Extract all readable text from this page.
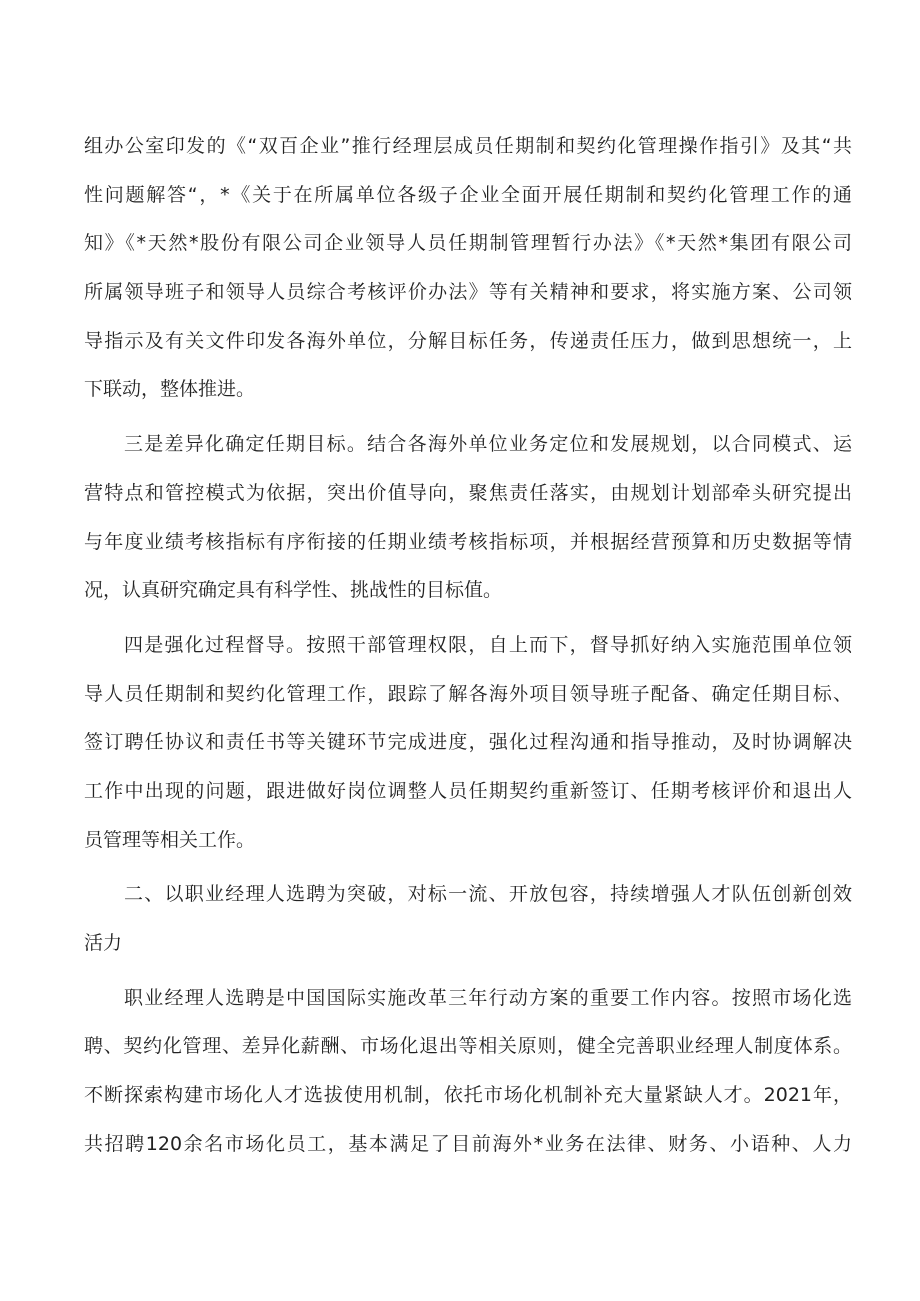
组办公室印发的《“双百企业”推行经理层成员任期制和契约化管理操作指引》及其“共
性问题解答“，*《关于在所属单位各级子企业全面开展任期制和契约化管理工作的通
知》《*天然*股份有限公司企业领导人员任期制管理暂行办法》《*天然*集团有限公司
所属领导班子和领导人员综合考核评价办法》等有关精神和要求，将实施方案、公司领
导指示及有关文件印发各海外单位，分解目标任务，传递责任压力，做到思想统一，上
下联动，整体推进。
三是差异化确定任期目标。结合各海外单位业务定位和发展规划，以合同模式、运
营特点和管控模式为依据，突出价值导向，聚焦责任落实，由规划计划部牵头研究提出
与年度业绩考核指标有序衔接的任期业绩考核指标项，并根据经营预算和历史数据等情
况，认真研究确定具有科学性、挑战性的目标值。
四是强化过程督导。按照干部管理权限，自上而下，督导抓好纳入实施范围单位领
导人员任期制和契约化管理工作，跟踪了解各海外项目领导班子配备、确定任期目标、
签订聘任协议和责任书等关键环节完成进度，强化过程沟通和指导推动，及时协调解决
工作中出现的问题，跟进做好岗位调整人员任期契约重新签订、任期考核评价和退出人
员管理等相关工作。
二、以职业经理人选聘为突破，对标一流、开放包容，持续增强人才队伍创新创效
活力
职业经理人选聘是中国国际实施改革三年行动方案的重要工作内容。按照市场化选
聘、契约化管理、差异化薪酬、市场化退出等相关原则，健全完善职业经理人制度体系。
不断探索构建市场化人才选拔使用机制，依托市场化机制补充大量紧缺人才。2021年，
共招聘120余名市场化员工，基本满足了目前海外*业务在法律、财务、小语种、人力
